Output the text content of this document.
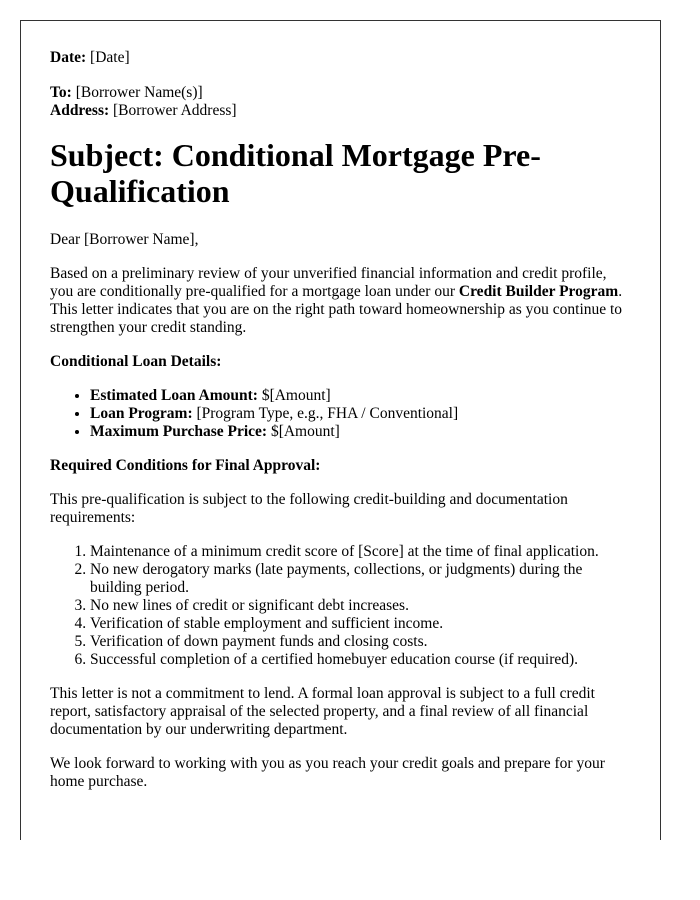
Date: [Date]

To: [Borrower Name(s)]

Address: [Borrower Address]

Subject: Conditional Mortgage Pre-Qualification

Dear [Borrower Name],

Based on a preliminary review of your unverified financial information and credit profile, you are conditionally pre-qualified for a mortgage loan under our Credit Builder Program. This letter indicates that you are on the right path toward homeownership as you continue to strengthen your credit standing.

Conditional Loan Details:

• Estimated Loan Amount: $[Amount]
• Loan Program: [Program Type, e.g., FHA / Conventional]
• Maximum Purchase Price: $[Amount]

Required Conditions for Final Approval:

This pre-qualification is subject to the following credit-building and documentation requirements:

1. Maintenance of a minimum credit score of [Score] at the time of final application.
2. No new derogatory marks (late payments, collections, or judgments) during the building period.
3. No new lines of credit or significant debt increases.
4. Verification of stable employment and sufficient income.
5. Verification of down payment funds and closing costs.
6. Successful completion of a certified homebuyer education course (if required).

This letter is not a commitment to lend. A formal loan approval is subject to a full credit report, satisfactory appraisal of the selected property, and a final review of all financial documentation by our underwriting department.

We look forward to working with you as you reach your credit goals and prepare for your home purchase.
